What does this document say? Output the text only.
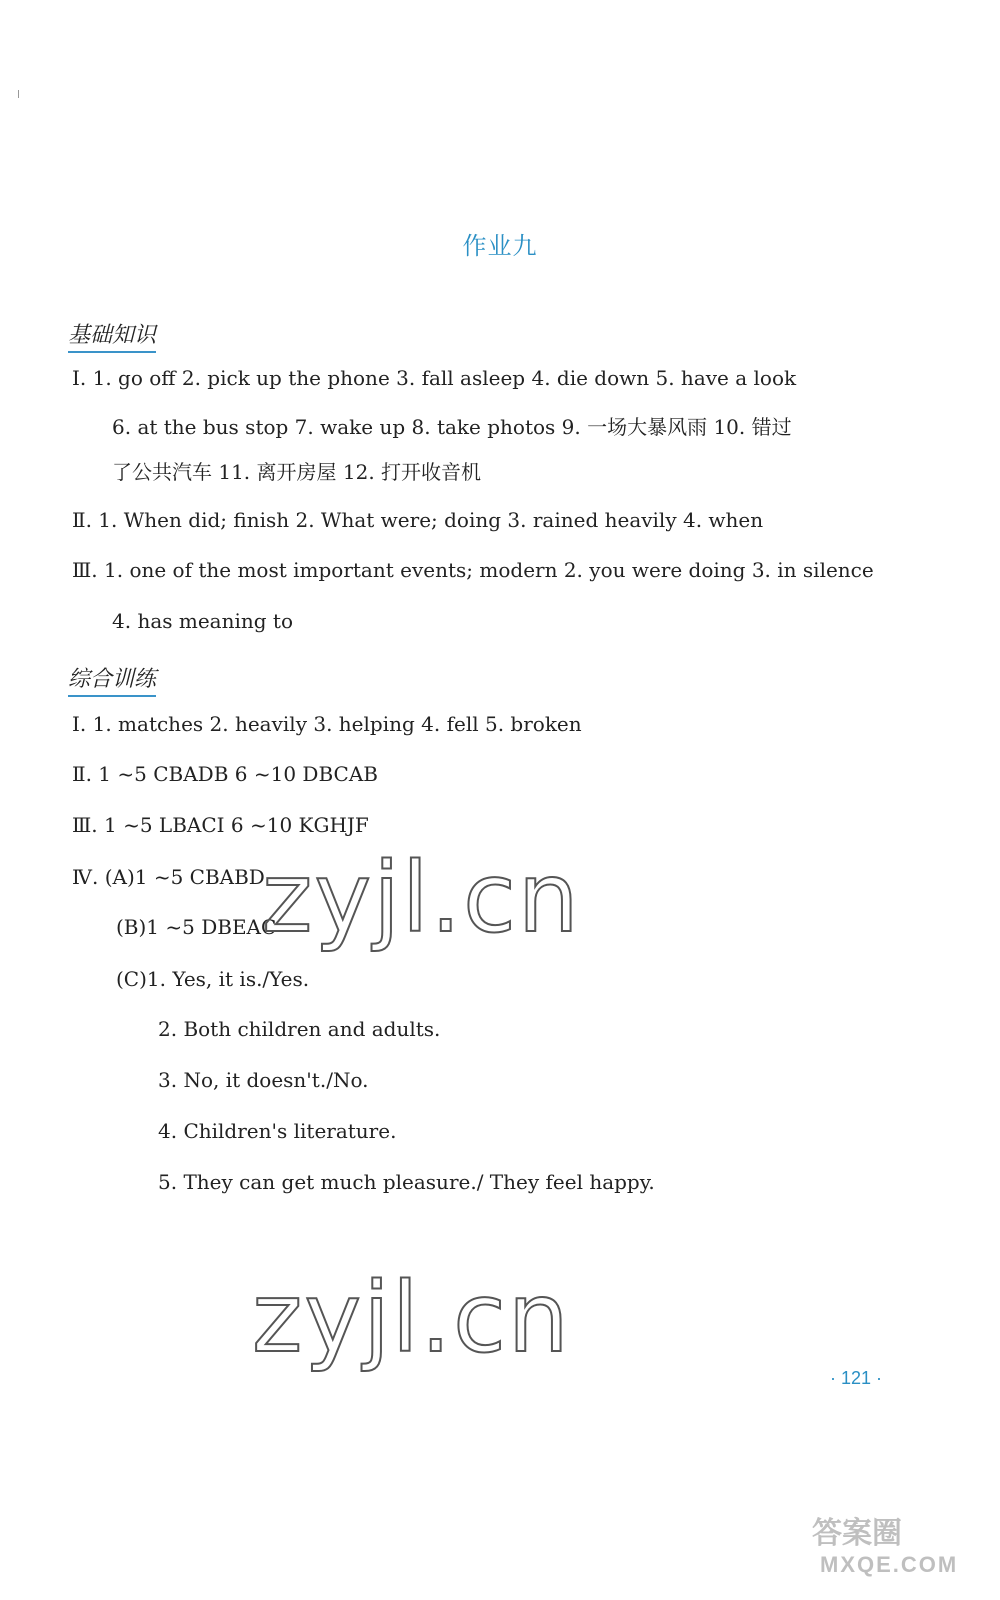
作业九
基础知识
Ⅰ. 1. go off 2. pick up the phone 3. fall asleep 4. die down 5. have a look
6. at the bus stop 7. wake up 8. take photos 9. 一场大暴风雨 10. 错过
了公共汽车 11. 离开房屋 12. 打开收音机
Ⅱ. 1. When did; finish 2. What were; doing 3. rained heavily 4. when
Ⅲ. 1. one of the most important events; modern 2. you were doing 3. in silence
4. has meaning to
综合训练
Ⅰ. 1. matches 2. heavily 3. helping 4. fell 5. broken
Ⅱ. 1 ~5 CBADB 6 ~10 DBCAB
Ⅲ. 1 ~5 LBACI 6 ~10 KGHJF
Ⅳ. (A)1 ~5 CBABD
(B)1 ~5 DBEAC
(C)1. Yes, it is./Yes.
2. Both children and adults.
3. No, it doesn't./No.
4. Children's literature.
5. They can get much pleasure./ They feel happy.
zyjl.cn
zyjl.cn
· 121 ·
答案圈
MXQE.COM
